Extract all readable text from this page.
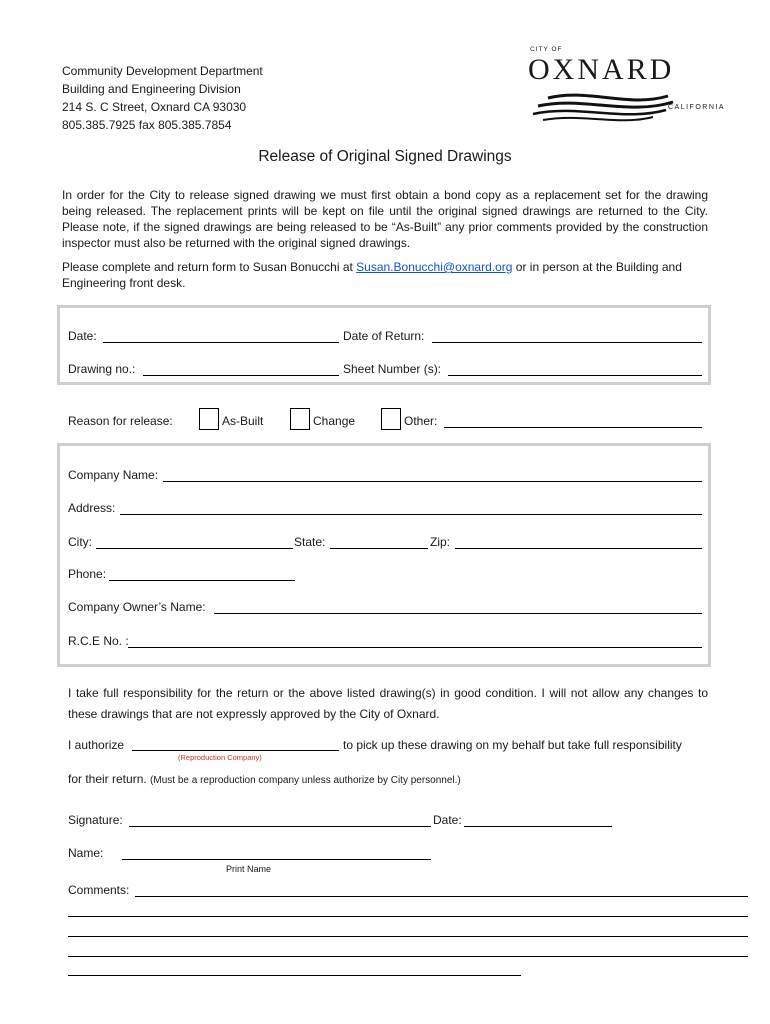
Community Development Department
Building and Engineering Division
214 S. C Street, Oxnard CA 93030
805.385.7925 fax 805.385.7854
CITY OF
OXNARD
CALIFORNIA
Release of Original Signed Drawings
In order for the City to release signed drawing we must first obtain a bond copy as a replacement set for the drawing being released. The replacement prints will be kept on file until the original signed drawings are returned to the City. Please note, if the signed drawings are being released to be “As-Built” any prior comments provided by the construction inspector must also be returned with the original signed drawings.
Please complete and return form to Susan Bonucchi at Susan.Bonucchi@oxnard.org or in person at the Building and Engineering front desk.
Date:	Date of Return:
Drawing no.:	Sheet Number (s):
Reason for release:	As-Built	Change	Other:
Company Name:
Address:
City:	State:	Zip:
Phone:
Company Owner’s Name:
R.C.E No. :
I take full responsibility for the return or the above listed drawing(s) in good condition. I will not allow any changes to these drawings that are not expressly approved by the City of Oxnard.
I authorize
(Reproduction Company)
to pick up these drawing on my behalf but take full responsibility
for their return. (Must be a reproduction company unless authorize by City personnel.)
Signature:	Date:
Name:
Print Name
Comments:
